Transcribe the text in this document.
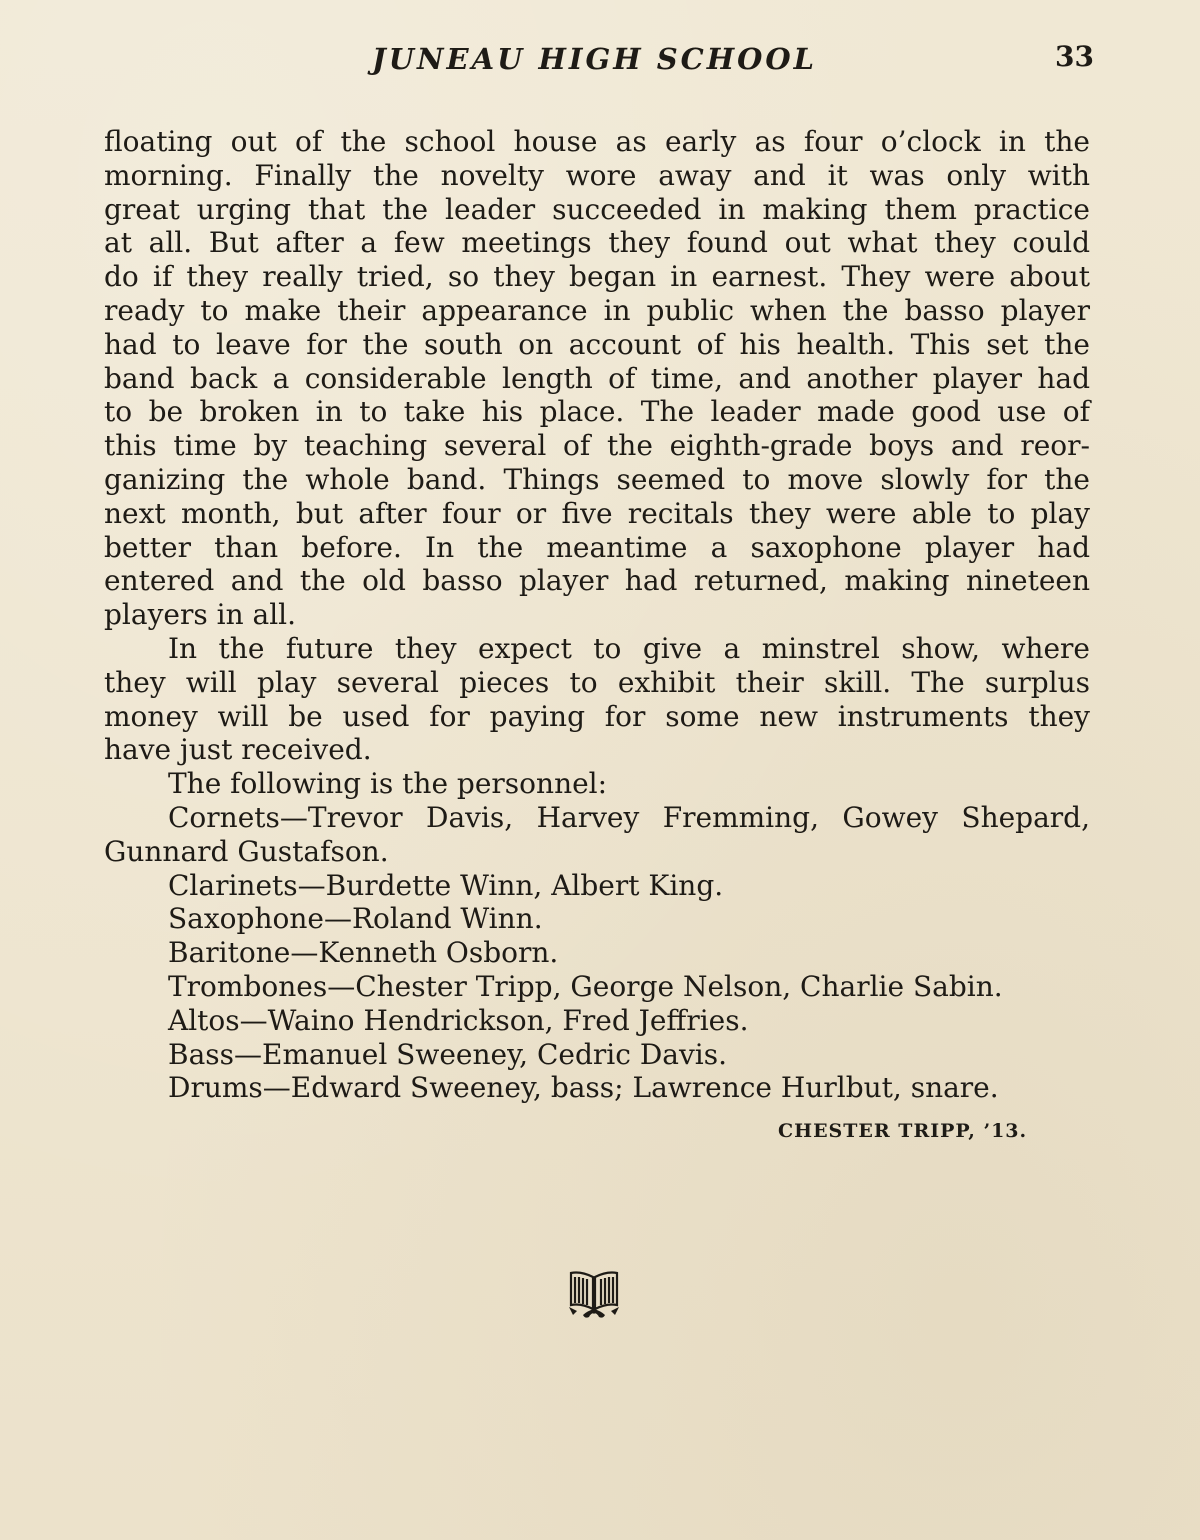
JUNEAU HIGH SCHOOL	33

floating out of the school house as early as four o’clock in the
morning. Finally the novelty wore away and it was only with
great urging that the leader succeeded in making them practice
at all. But after a few meetings they found out what they could
do if they really tried, so they began in earnest. They were about
ready to make their appearance in public when the basso player
had to leave for the south on account of his health. This set the
band back a considerable length of time, and another player had
to be broken in to take his place. The leader made good use of
this time by teaching several of the eighth-grade boys and reor-
ganizing the whole band. Things seemed to move slowly for the
next month, but after four or five recitals they were able to play
better than before. In the meantime a saxophone player had
entered and the old basso player had returned, making nineteen
players in all.

In the future they expect to give a minstrel show, where
they will play several pieces to exhibit their skill. The surplus
money will be used for paying for some new instruments they
have just received.

The following is the personnel:

Cornets—Trevor Davis, Harvey Fremming, Gowey Shepard,
Gunnard Gustafson.
Clarinets—Burdette Winn, Albert King.
Saxophone—Roland Winn.
Baritone—Kenneth Osborn.
Trombones—Chester Tripp, George Nelson, Charlie Sabin.
Altos—Waino Hendrickson, Fred Jeffries.
Bass—Emanuel Sweeney, Cedric Davis.
Drums—Edward Sweeney, bass; Lawrence Hurlbut, snare.
CHESTER TRIPP, ’13.
